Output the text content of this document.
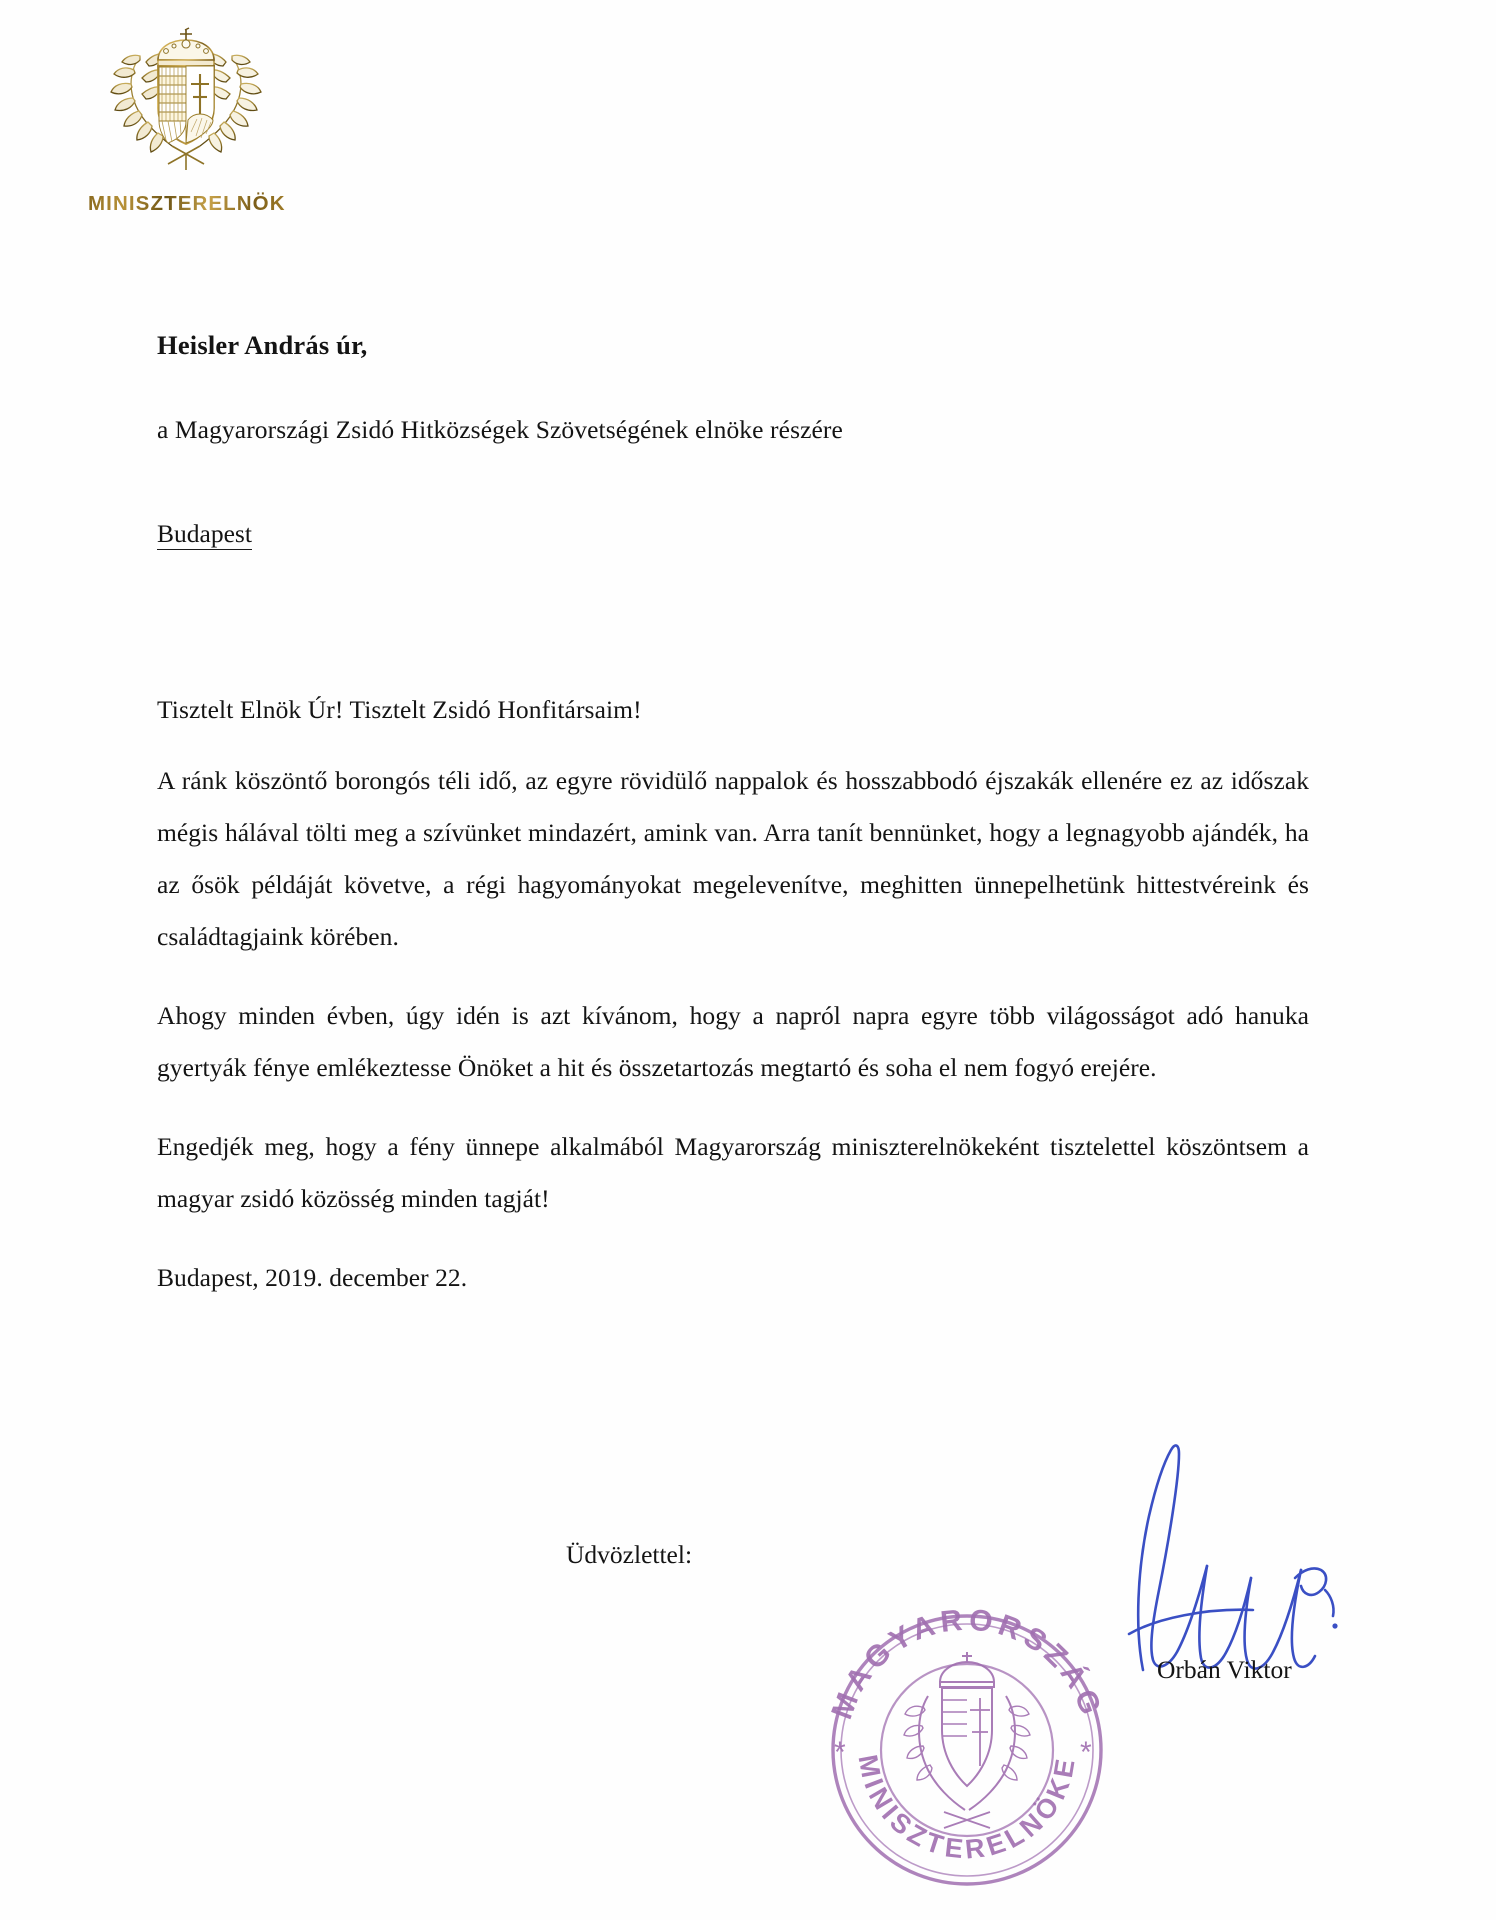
MINISZTERELNÖK

Heisler András úr,

a Magyarországi Zsidó Hitközségek Szövetségének elnöke részére

Budapest

Tisztelt Elnök Úr! Tisztelt Zsidó Honfitársaim!

A ránk köszöntő borongós téli idő, az egyre rövidülő nappalok és hosszabbodó éjszakák ellenére ez az időszak mégis hálával tölti meg a szívünket mindazért, amink van. Arra tanít bennünket, hogy a legnagyobb ajándék, ha az ősök példáját követve, a régi hagyományokat megelevenítve, meghitten ünnepelhetünk hittestvéreink és családtagjaink körében.

Ahogy minden évben, úgy idén is azt kívánom, hogy a napról napra egyre több világosságot adó hanuka gyertyák fénye emlékeztesse Önöket a hit és összetartozás megtartó és soha el nem fogyó erejére.

Engedjék meg, hogy a fény ünnepe alkalmából Magyarország miniszterelnökeként tisztelettel köszöntsem a magyar zsidó közösség minden tagját!

Budapest, 2019. december 22.

Üdvözlettel:
Orbán Viktor
MAGYARORSZÁG
MINISZTERELNÖKE
*	*
